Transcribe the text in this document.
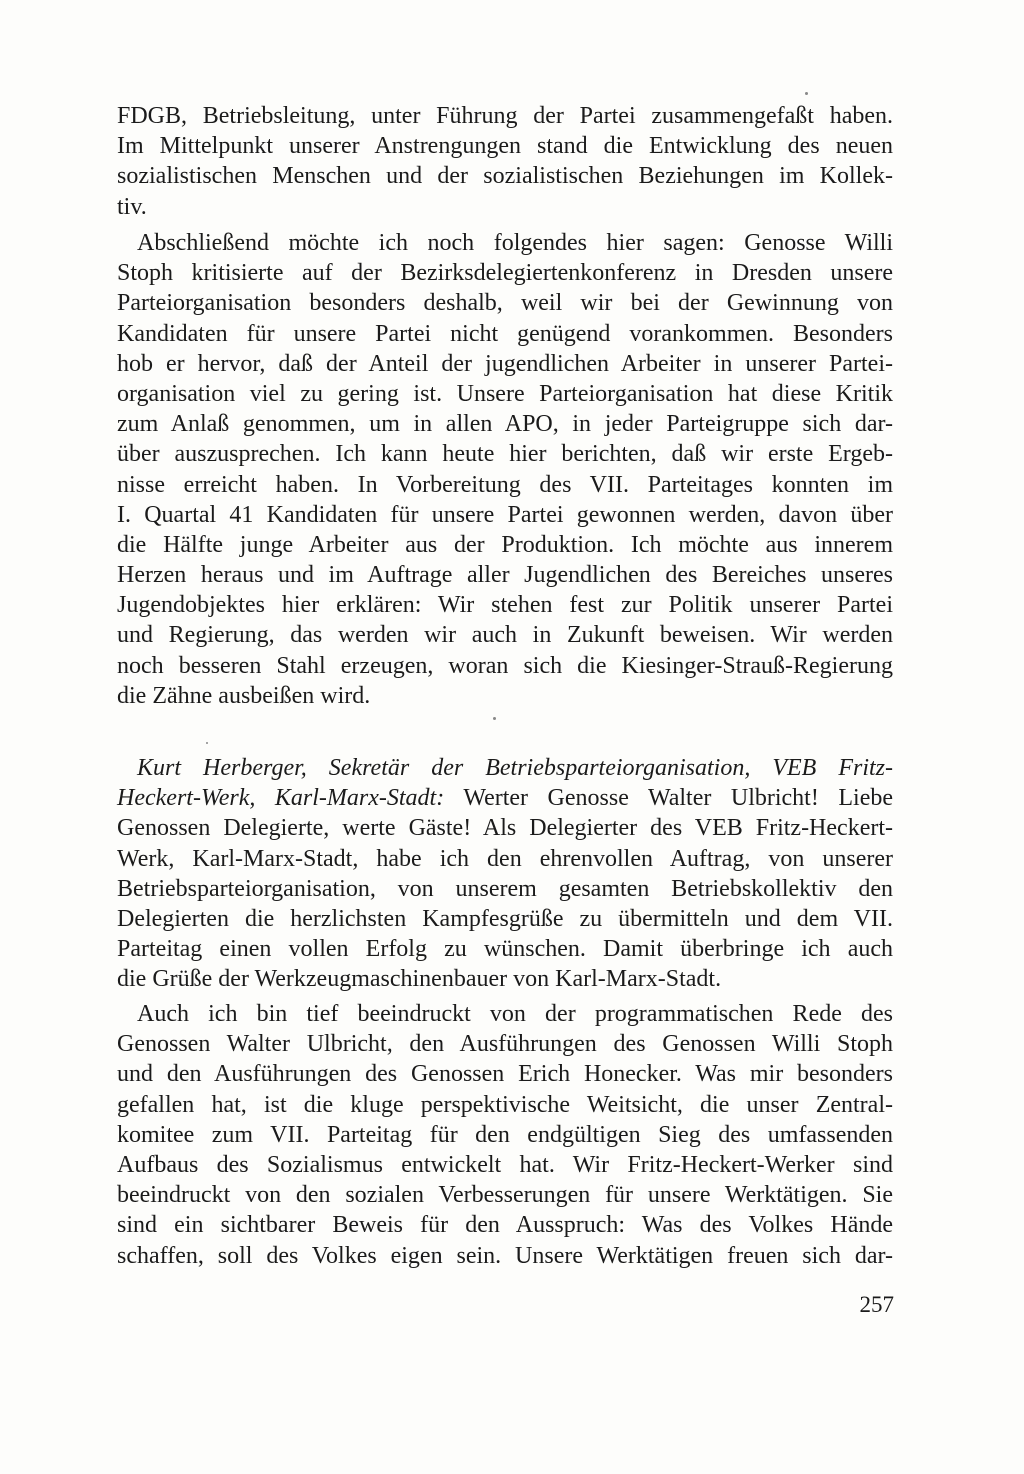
FDGB, Betriebsleitung, unter Führung der Partei zusammengefaßt haben.
Im Mittelpunkt unserer Anstrengungen stand die Entwicklung des neuen
sozialistischen Menschen und der sozialistischen Beziehungen im Kollek-
tiv.
Abschließend möchte ich noch folgendes hier sagen: Genosse Willi
Stoph kritisierte auf der Bezirksdelegiertenkonferenz in Dresden unsere
Parteiorganisation besonders deshalb, weil wir bei der Gewinnung von
Kandidaten für unsere Partei nicht genügend vorankommen. Besonders
hob er hervor, daß der Anteil der jugendlichen Arbeiter in unserer Partei-
organisation viel zu gering ist. Unsere Parteiorganisation hat diese Kritik
zum Anlaß genommen, um in allen APO, in jeder Parteigruppe sich dar-
über auszusprechen. Ich kann heute hier berichten, daß wir erste Ergeb-
nisse erreicht haben. In Vorbereitung des VII. Parteitages konnten im
I. Quartal 41 Kandidaten für unsere Partei gewonnen werden, davon über
die Hälfte junge Arbeiter aus der Produktion. Ich möchte aus innerem
Herzen heraus und im Auftrage aller Jugendlichen des Bereiches unseres
Jugendobjektes hier erklären: Wir stehen fest zur Politik unserer Partei
und Regierung, das werden wir auch in Zukunft beweisen. Wir werden
noch besseren Stahl erzeugen, woran sich die Kiesinger-Strauß-Regierung
die Zähne ausbeißen wird.
Kurt Herberger, Sekretär der Betriebsparteiorganisation, VEB Fritz-
Heckert-Werk, Karl-Marx-Stadt: Werter Genosse Walter Ulbricht! Liebe
Genossen Delegierte, werte Gäste! Als Delegierter des VEB Fritz-Heckert-
Werk, Karl-Marx-Stadt, habe ich den ehrenvollen Auftrag, von unserer
Betriebsparteiorganisation, von unserem gesamten Betriebskollektiv den
Delegierten die herzlichsten Kampfesgrüße zu übermitteln und dem VII.
Parteitag einen vollen Erfolg zu wünschen. Damit überbringe ich auch
die Grüße der Werkzeugmaschinenbauer von Karl-Marx-Stadt.
Auch ich bin tief beeindruckt von der programmatischen Rede des
Genossen Walter Ulbricht, den Ausführungen des Genossen Willi Stoph
und den Ausführungen des Genossen Erich Honecker. Was mir besonders
gefallen hat, ist die kluge perspektivische Weitsicht, die unser Zentral-
komitee zum VII. Parteitag für den endgültigen Sieg des umfassenden
Aufbaus des Sozialismus entwickelt hat. Wir Fritz-Heckert-Werker sind
beeindruckt von den sozialen Verbesserungen für unsere Werktätigen. Sie
sind ein sichtbarer Beweis für den Ausspruch: Was des Volkes Hände
schaffen, soll des Volkes eigen sein. Unsere Werktätigen freuen sich dar-
257
